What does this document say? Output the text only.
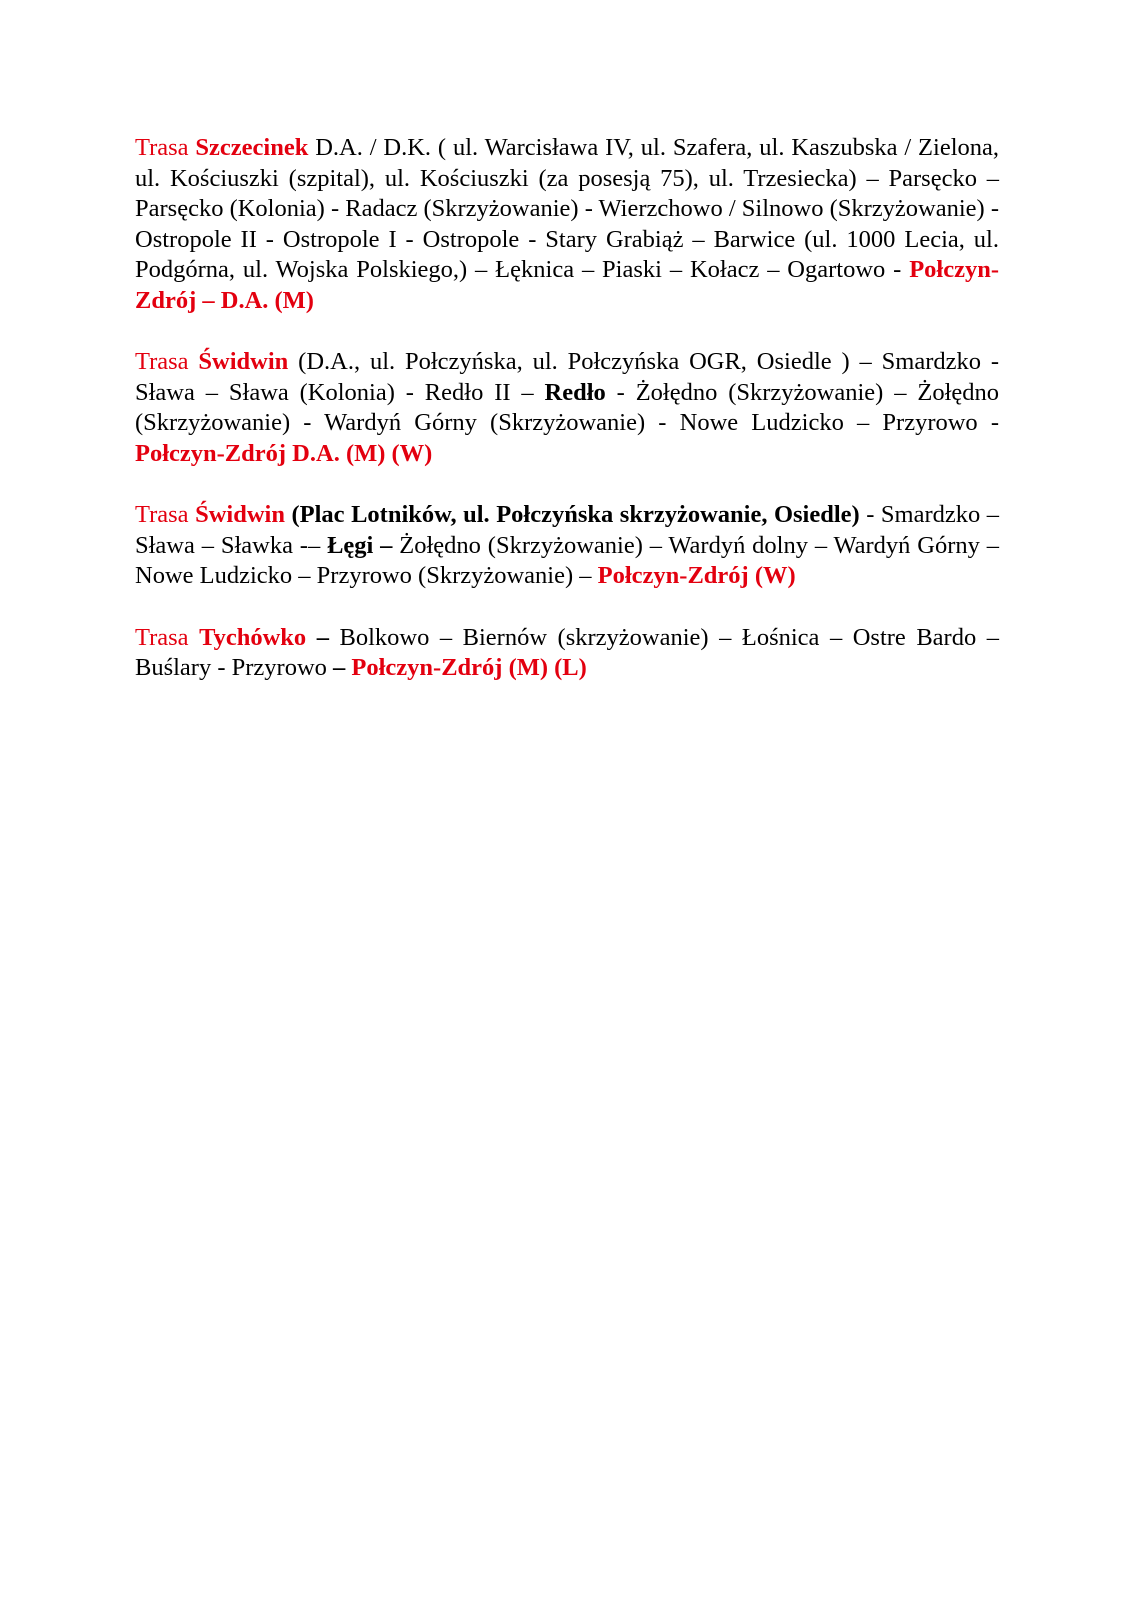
Trasa Szczecinek D.A. / D.K. ( ul. Warcisława IV, ul. Szafera, ul. Kaszubska / Zielona, ul. Kościuszki (szpital), ul. Kościuszki (za posesją 75), ul. Trzesiecka) – Parsęcko – Parsęcko (Kolonia) - Radacz (Skrzyżowanie) - Wierzchowo / Silnowo (Skrzyżowanie) - Ostropole II - Ostropole I - Ostropole - Stary Grabiąż – Barwice (ul. 1000 Lecia, ul. Podgórna, ul. Wojska Polskiego,) – Łęknica – Piaski – Kołacz – Ogartowo - Połczyn-Zdrój – D.A. (M)

Trasa Świdwin (D.A., ul. Połczyńska, ul. Połczyńska OGR, Osiedle ) – Smardzko - Sława – Sława (Kolonia) - Redło II – Redło - Żołędno (Skrzyżowanie) – Żołędno (Skrzyżowanie) - Wardyń Górny (Skrzyżowanie) - Nowe Ludzicko – Przyrowo - Połczyn-Zdrój D.A. (M) (W)

Trasa Świdwin (Plac Lotników, ul. Połczyńska skrzyżowanie, Osiedle) - Smardzko – Sława – Sławka -– Łęgi – Żołędno (Skrzyżowanie) – Wardyń dolny – Wardyń Górny – Nowe Ludzicko – Przyrowo (Skrzyżowanie) – Połczyn-Zdrój (W)

Trasa Tychówko – Bolkowo – Biernów (skrzyżowanie) – Łośnica – Ostre Bardo – Buślary - Przyrowo – Połczyn-Zdrój (M) (L)
